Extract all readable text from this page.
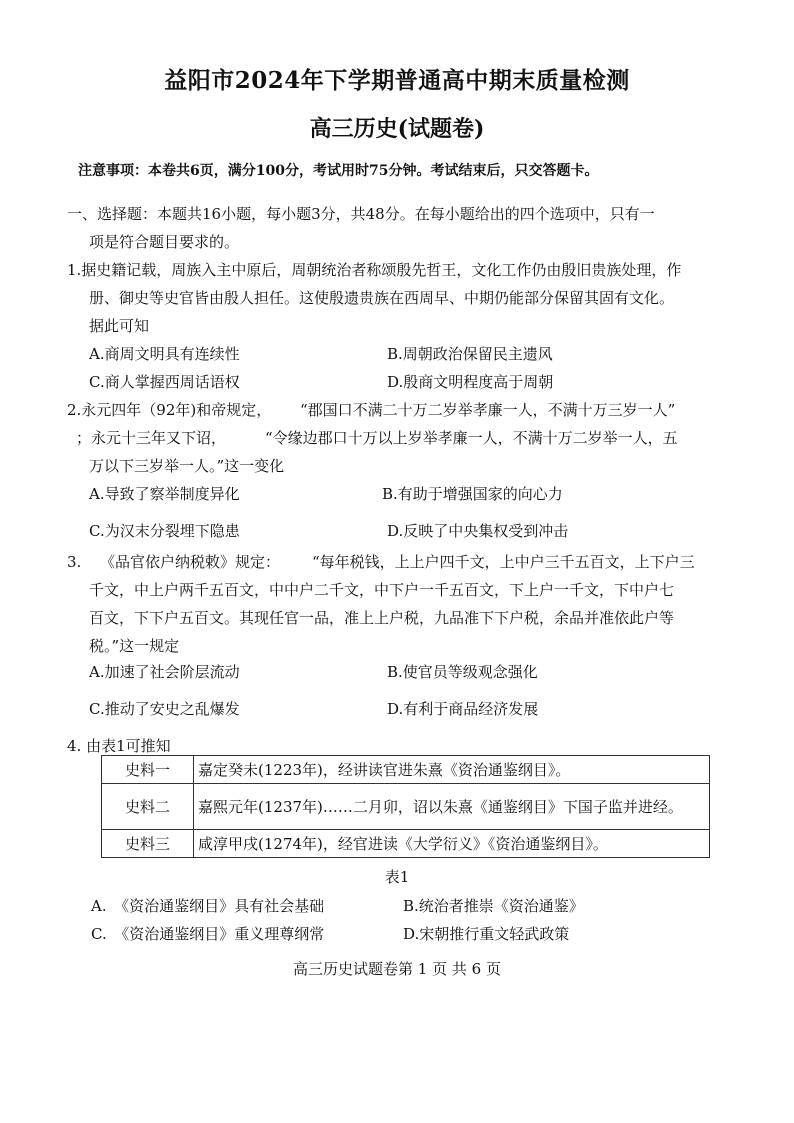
益阳市2024年下学期普通高中期末质量检测
高三历史(试题卷)
注意事项：本卷共6页，满分100分，考试用时75分钟。考试结束后，只交答题卡。
一、选择题：本题共16小题，每小题3分，共48分。在每小题给出的四个选项中，只有一
项是符合题目要求的。
1.据史籍记载，周族入主中原后，周朝统治者称颂殷先哲王，文化工作仍由殷旧贵族处理，作
册、御史等史官皆由殷人担任。这使殷遗贵族在西周早、中期仍能部分保留其固有文化。
据此可知
A.商周文明具有连续性	B.周朝政治保留民主遗风
C.商人掌握西周话语权	D.殷商文明程度高于周朝
2.永元四年（92年)和帝规定， “郡国口不满二十万二岁举孝廉一人，不满十万三岁一人”
；永元十三年又下诏，	“令缘边郡口十万以上岁举孝廉一人，不满十万二岁举一人，五
万以下三岁举一人。”这一变化
A.导致了察举制度异化	B.有助于增强国家的向心力
C.为汉末分裂埋下隐患	D.反映了中央集权受到冲击
3. 《品官依户纳税敕》规定： “每年税钱，上上户四千文，上中户三千五百文，上下户三
千文，中上户两千五百文，中中户二千文，中下户一千五百文，下上户一千文，下中户七
百文，下下户五百文。其现任官一品，准上上户税，九品准下下户税，余品并准依此户等
税。”这一规定
A.加速了社会阶层流动	B.使官员等级观念强化
C.推动了安史之乱爆发	D.有利于商品经济发展
4. 由表1可推知
史料一	嘉定癸未(1223年)，经讲读官进朱熹《资治通鉴纲目》。
史料二	嘉熙元年(1237年)……二月卯，诏以朱熹《通鉴纲目》下国子监并进经。
史料三	咸淳甲戌(1274年)，经官进读《大学衍义》《资治通鉴纲目》。
表1
A.　《资治通鉴纲目》具有社会基础	B.统治者推崇《资治通鉴》
C.　《资治通鉴纲目》重义理尊纲常	D.宋朝推行重文轻武政策
高三历史试题卷第 1 页 共 6 页
